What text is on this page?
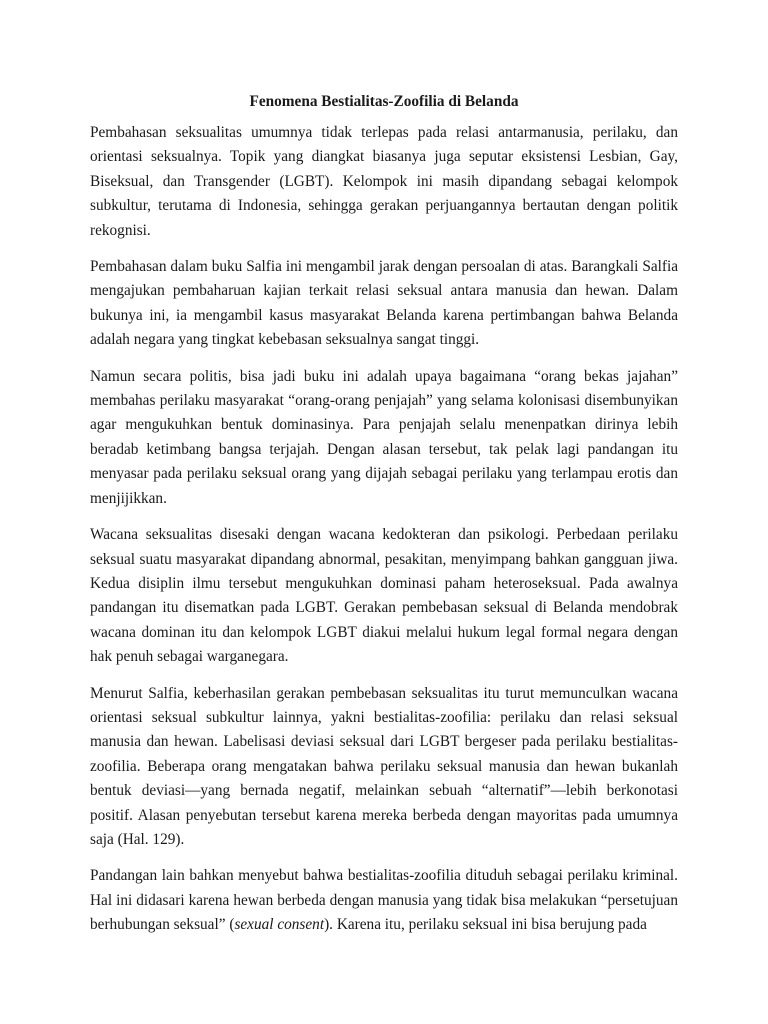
Fenomena Bestialitas-Zoofilia di Belanda

Pembahasan seksualitas umumnya tidak terlepas pada relasi antarmanusia, perilaku, dan orientasi seksualnya. Topik yang diangkat biasanya juga seputar eksistensi Lesbian, Gay, Biseksual, dan Transgender (LGBT). Kelompok ini masih dipandang sebagai kelompok subkultur, terutama di Indonesia, sehingga gerakan perjuangannya bertautan dengan politik rekognisi.

Pembahasan dalam buku Salfia ini mengambil jarak dengan persoalan di atas. Barangkali Salfia mengajukan pembaharuan kajian terkait relasi seksual antara manusia dan hewan. Dalam bukunya ini, ia mengambil kasus masyarakat Belanda karena pertimbangan bahwa Belanda adalah negara yang tingkat kebebasan seksualnya sangat tinggi.

Namun secara politis, bisa jadi buku ini adalah upaya bagaimana “orang bekas jajahan” membahas perilaku masyarakat “orang-orang penjajah” yang selama kolonisasi disembunyikan agar mengukuhkan bentuk dominasinya. Para penjajah selalu menenpatkan dirinya lebih beradab ketimbang bangsa terjajah. Dengan alasan tersebut, tak pelak lagi pandangan itu menyasar pada perilaku seksual orang yang dijajah sebagai perilaku yang terlampau erotis dan menjijikkan.

Wacana seksualitas disesaki dengan wacana kedokteran dan psikologi. Perbedaan perilaku seksual suatu masyarakat dipandang abnormal, pesakitan, menyimpang bahkan gangguan jiwa. Kedua disiplin ilmu tersebut mengukuhkan dominasi paham heteroseksual. Pada awalnya pandangan itu disematkan pada LGBT. Gerakan pembebasan seksual di Belanda mendobrak wacana dominan itu dan kelompok LGBT diakui melalui hukum legal formal negara dengan hak penuh sebagai warganegara.

Menurut Salfia, keberhasilan gerakan pembebasan seksualitas itu turut memunculkan wacana orientasi seksual subkultur lainnya, yakni bestialitas-zoofilia: perilaku dan relasi seksual manusia dan hewan. Labelisasi deviasi seksual dari LGBT bergeser pada perilaku bestialitas-zoofilia. Beberapa orang mengatakan bahwa perilaku seksual manusia dan hewan bukanlah bentuk deviasi—yang bernada negatif, melainkan sebuah “alternatif”—lebih berkonotasi positif. Alasan penyebutan tersebut karena mereka berbeda dengan mayoritas pada umumnya saja (Hal. 129).

Pandangan lain bahkan menyebut bahwa bestialitas-zoofilia dituduh sebagai perilaku kriminal. Hal ini didasari karena hewan berbeda dengan manusia yang tidak bisa melakukan “persetujuan berhubungan seksual” (sexual consent). Karena itu, perilaku seksual ini bisa berujung pada
